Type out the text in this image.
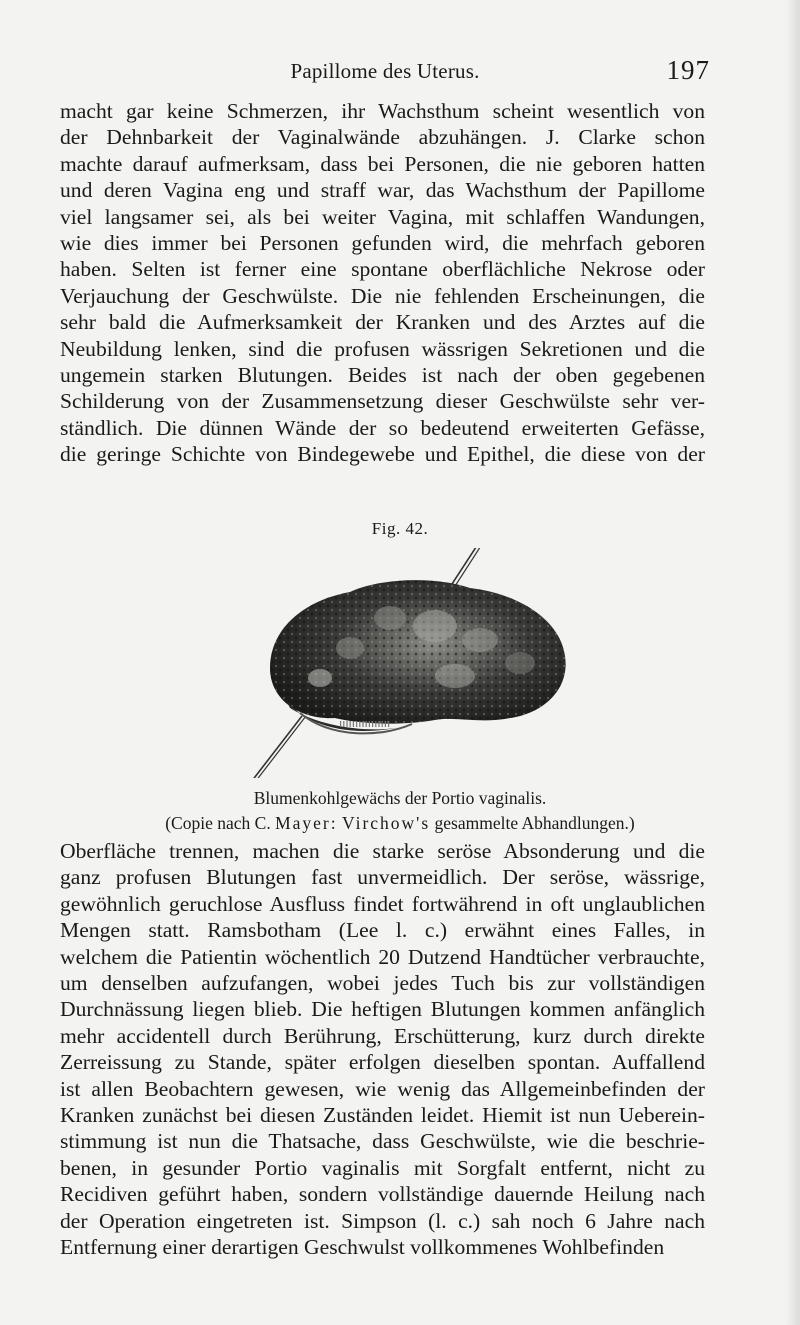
Papillome des Uterus.	197
macht gar keine Schmerzen, ihr Wachsthum scheint wesentlich von
der Dehnbarkeit der Vaginalwände abzuhängen. J. Clarke schon
machte darauf aufmerksam, dass bei Personen, die nie geboren hatten
und deren Vagina eng und straff war, das Wachsthum der Papillome
viel langsamer sei, als bei weiter Vagina, mit schlaffen Wandungen,
wie dies immer bei Personen gefunden wird, die mehrfach geboren
haben. Selten ist ferner eine spontane oberflächliche Nekrose oder
Verjauchung der Geschwülste. Die nie fehlenden Erscheinungen, die
sehr bald die Aufmerksamkeit der Kranken und des Arztes auf die
Neubildung lenken, sind die profusen wässrigen Sekretionen und die
ungemein starken Blutungen. Beides ist nach der oben gegebenen
Schilderung von der Zusammensetzung dieser Geschwülste sehr ver-
ständlich. Die dünnen Wände der so bedeutend erweiterten Gefässe,
die geringe Schichte von Bindegewebe und Epithel, die diese von der
Fig. 42.
Blumenkohlgewächs der Portio vaginalis.
(Copie nach C. Mayer: Virchow's gesammelte Abhandlungen.)
Oberfläche trennen, machen die starke seröse Absonderung und die
ganz profusen Blutungen fast unvermeidlich. Der seröse, wässrige,
gewöhnlich geruchlose Ausfluss findet fortwährend in oft unglaublichen
Mengen statt. Ramsbotham (Lee l. c.) erwähnt eines Falles, in
welchem die Patientin wöchentlich 20 Dutzend Handtücher verbrauchte,
um denselben aufzufangen, wobei jedes Tuch bis zur vollständigen
Durchnässung liegen blieb. Die heftigen Blutungen kommen anfänglich
mehr accidentell durch Berührung, Erschütterung, kurz durch direkte
Zerreissung zu Stande, später erfolgen dieselben spontan. Auffallend
ist allen Beobachtern gewesen, wie wenig das Allgemeinbefinden der
Kranken zunächst bei diesen Zuständen leidet. Hiemit ist nun Ueberein-
stimmung ist nun die Thatsache, dass Geschwülste, wie die beschrie-
benen, in gesunder Portio vaginalis mit Sorgfalt entfernt, nicht zu
Recidiven geführt haben, sondern vollständige dauernde Heilung nach
der Operation eingetreten ist. Simpson (l. c.) sah noch 6 Jahre nach
Entfernung einer derartigen Geschwulst vollkommenes Wohlbefinden
